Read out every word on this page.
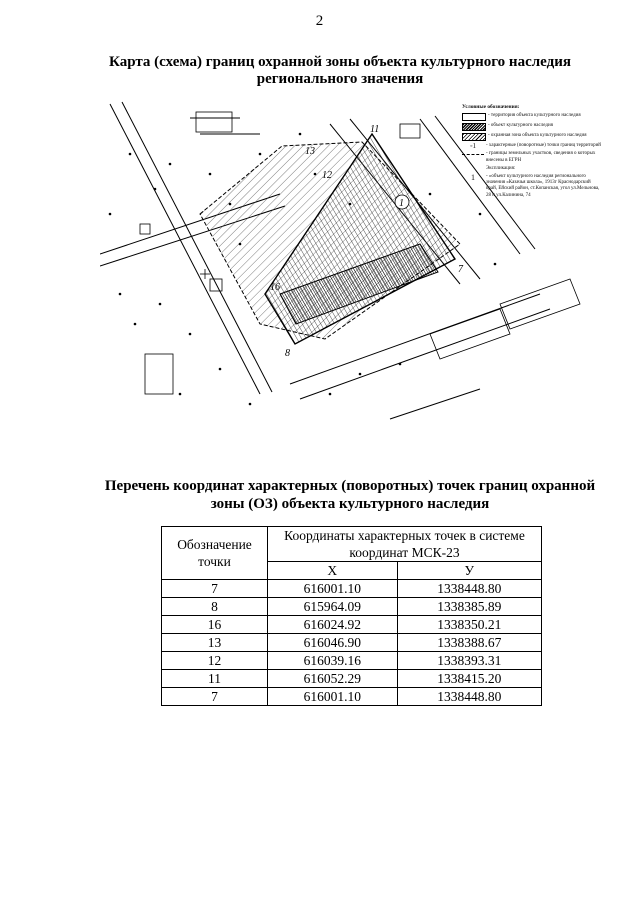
2
Карта (схема) границ охранной зоны объекта культурного наследия
регионального значения
16
13
12
11
8
7
1
Условные обозначения:
- территория объекта культурного наследия
- объект культурного наследия
- охранная зона объекта культурного наследия
◦1	- характерные (поворотные) точки границ территорий
- границы земельных участков, сведения о которых внесены в ЕГРН
Экспликация:
1	- «объект культурного наследия регионального значения «Казачья школа», 1913г Краснодарский край, Ейский район, ст.Копанская, угол ул.Мельнова, 28 и ул.Калинина, 74
Перечень координат характерных (поворотных) точек границ охранной
зоны (ОЗ) объекта культурного наследия
Обозначение точки	Координаты характерных точек в системе координат МСК-23	
	X	У
7	616001.10	1338448.80
8	615964.09	1338385.89
16	616024.92	1338350.21
13	616046.90	1338388.67
12	616039.16	1338393.31
11	616052.29	1338415.20
7	616001.10	1338448.80
